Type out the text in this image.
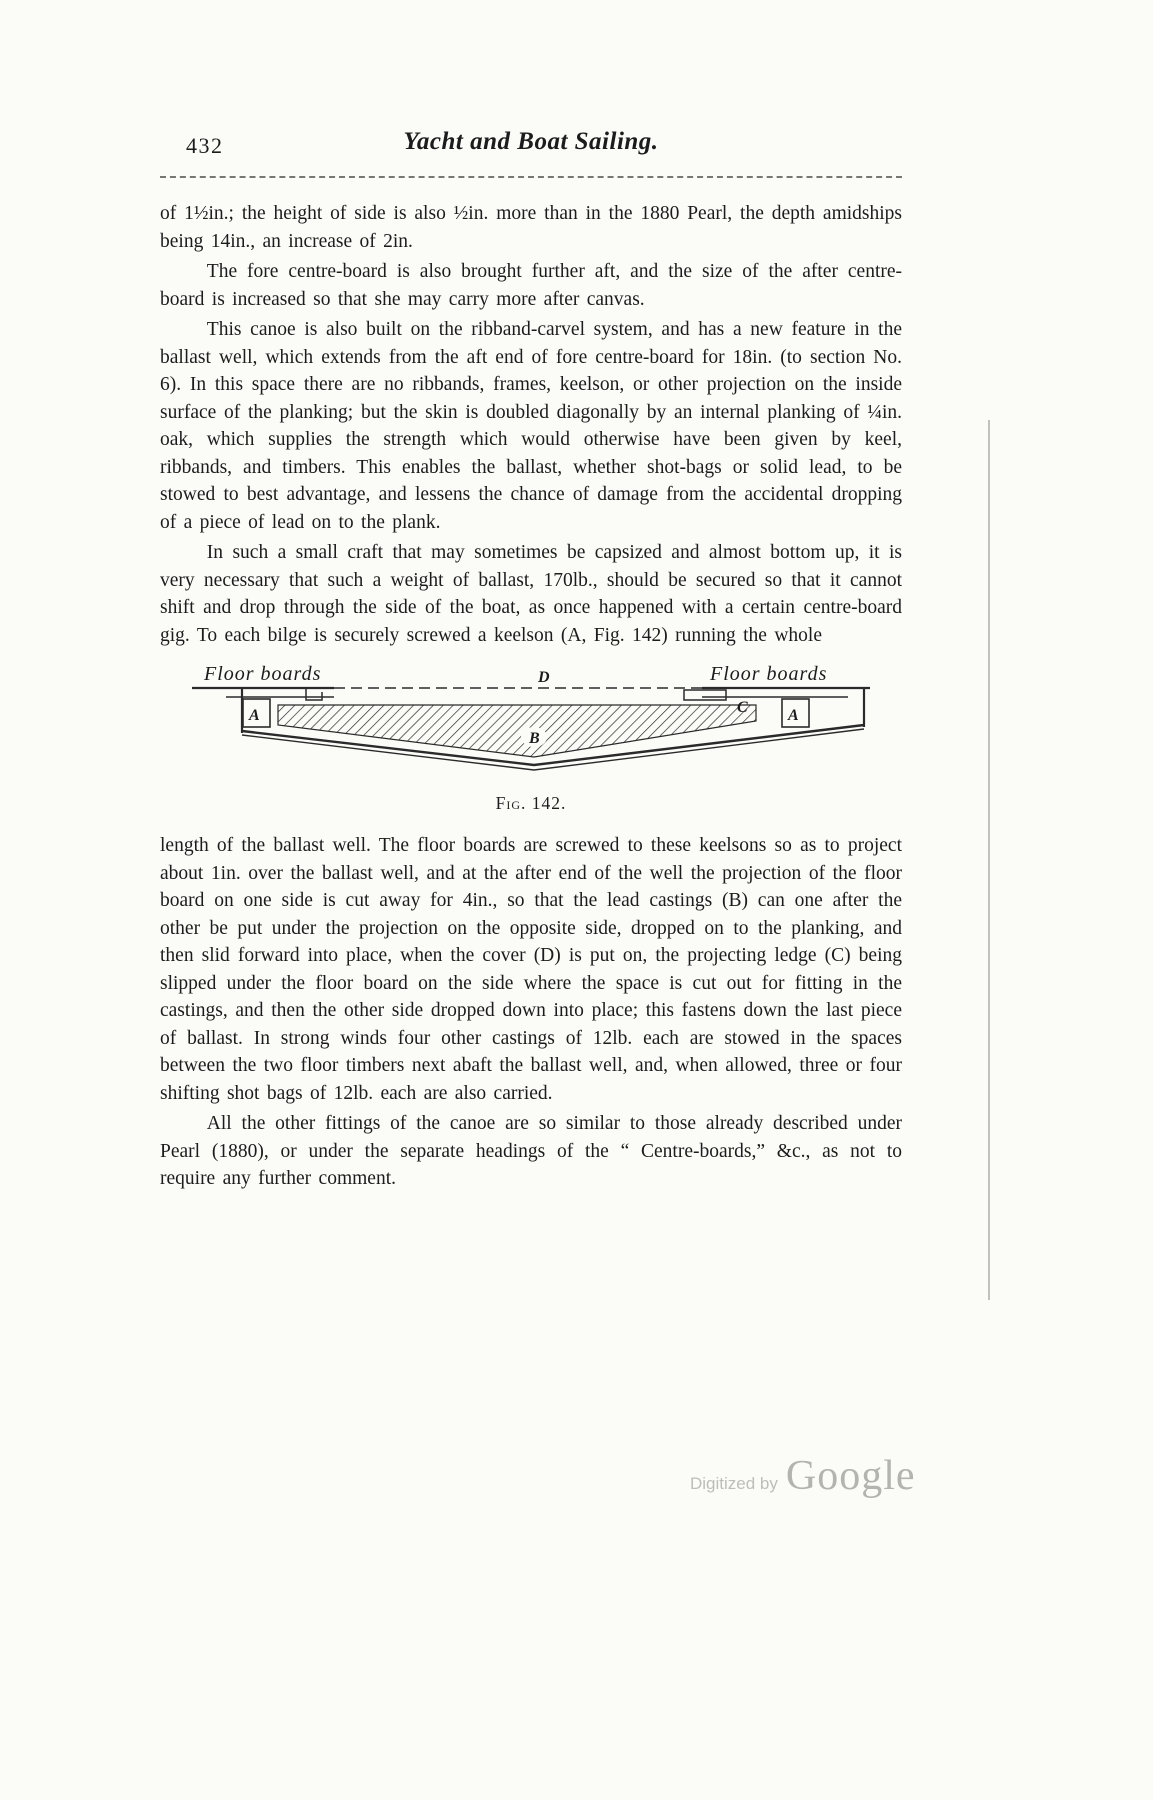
432	Yacht and Boat Sailing.

of 1½in.; the height of side is also ½in. more than in the 1880 Pearl, the depth amidships being 14in., an increase of 2in.

The fore centre-board is also brought further aft, and the size of the after centre-board is increased so that she may carry more after canvas.

This canoe is also built on the ribband-carvel system, and has a new feature in the ballast well, which extends from the aft end of fore centre-board for 18in. (to section No. 6). In this space there are no ribbands, frames, keelson, or other projection on the inside surface of the planking; but the skin is doubled diagonally by an internal planking of ¼in. oak, which supplies the strength which would otherwise have been given by keel, ribbands, and timbers. This enables the ballast, whether shot-bags or solid lead, to be stowed to best advantage, and lessens the chance of damage from the accidental dropping of a piece of lead on to the plank.

In such a small craft that may sometimes be capsized and almost bottom up, it is very necessary that such a weight of ballast, 170lb., should be secured so that it cannot shift and drop through the side of the boat, as once happened with a certain centre-board gig. To each bilge is securely screwed a keelson (A, Fig. 142) running the whole

Floor boards	D	Floor boards
A	A
B
C
Fig. 142.

length of the ballast well. The floor boards are screwed to these keelsons so as to project about 1in. over the ballast well, and at the after end of the well the projection of the floor board on one side is cut away for 4in., so that the lead castings (B) can one after the other be put under the projection on the opposite side, dropped on to the planking, and then slid forward into place, when the cover (D) is put on, the projecting ledge (C) being slipped under the floor board on the side where the space is cut out for fitting in the castings, and then the other side dropped down into place; this fastens down the last piece of ballast. In strong winds four other castings of 12lb. each are stowed in the spaces between the two floor timbers next abaft the ballast well, and, when allowed, three or four shifting shot bags of 12lb. each are also carried.

All the other fittings of the canoe are so similar to those already described under Pearl (1880), or under the separate headings of the “ Centre-boards,” &c., as not to require any further comment.

Digitized by Google
